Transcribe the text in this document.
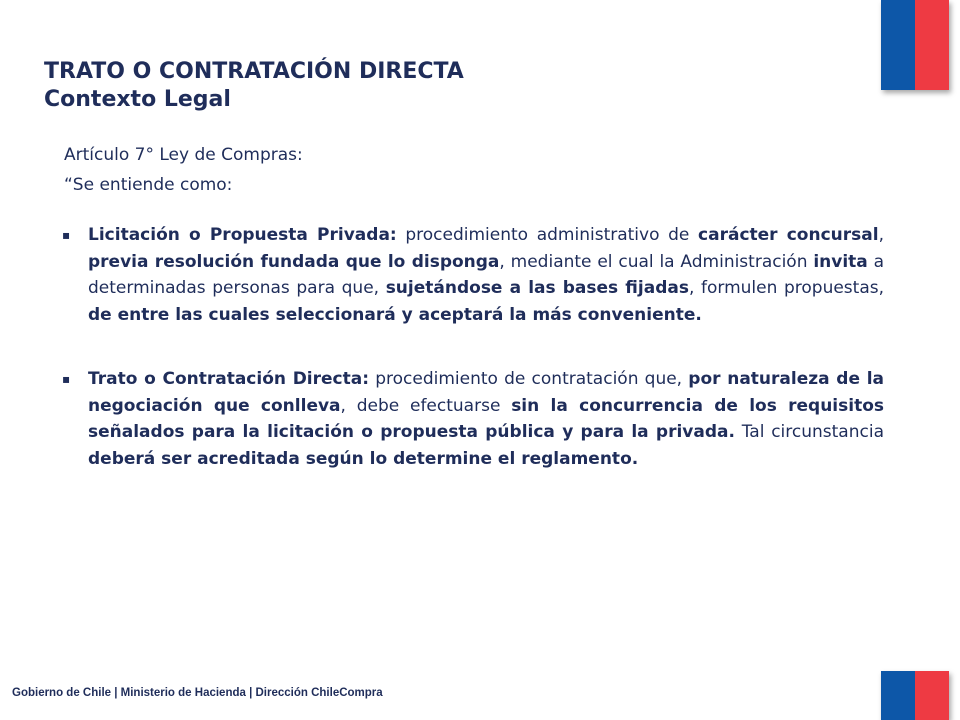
TRATO O CONTRATACIÓN DIRECTA
Contexto Legal
Artículo 7° Ley de Compras:
“Se entiende como:
▪ Licitación o Propuesta Privada: procedimiento administrativo de carácter concursal, previa resolución fundada que lo disponga, mediante el cual la Administración invita a determinadas personas para que, sujetándose a las bases fijadas, formulen propuestas, de entre las cuales seleccionará y aceptará la más conveniente.

▪ Trato o Contratación Directa: procedimiento de contratación que, por naturaleza de la negociación que conlleva, debe efectuarse sin la concurrencia de los requisitos señalados para la licitación o propuesta pública y para la privada. Tal circunstancia deberá ser acreditada según lo determine el reglamento.

Gobierno de Chile | Ministerio de Hacienda | Dirección ChileCompra
